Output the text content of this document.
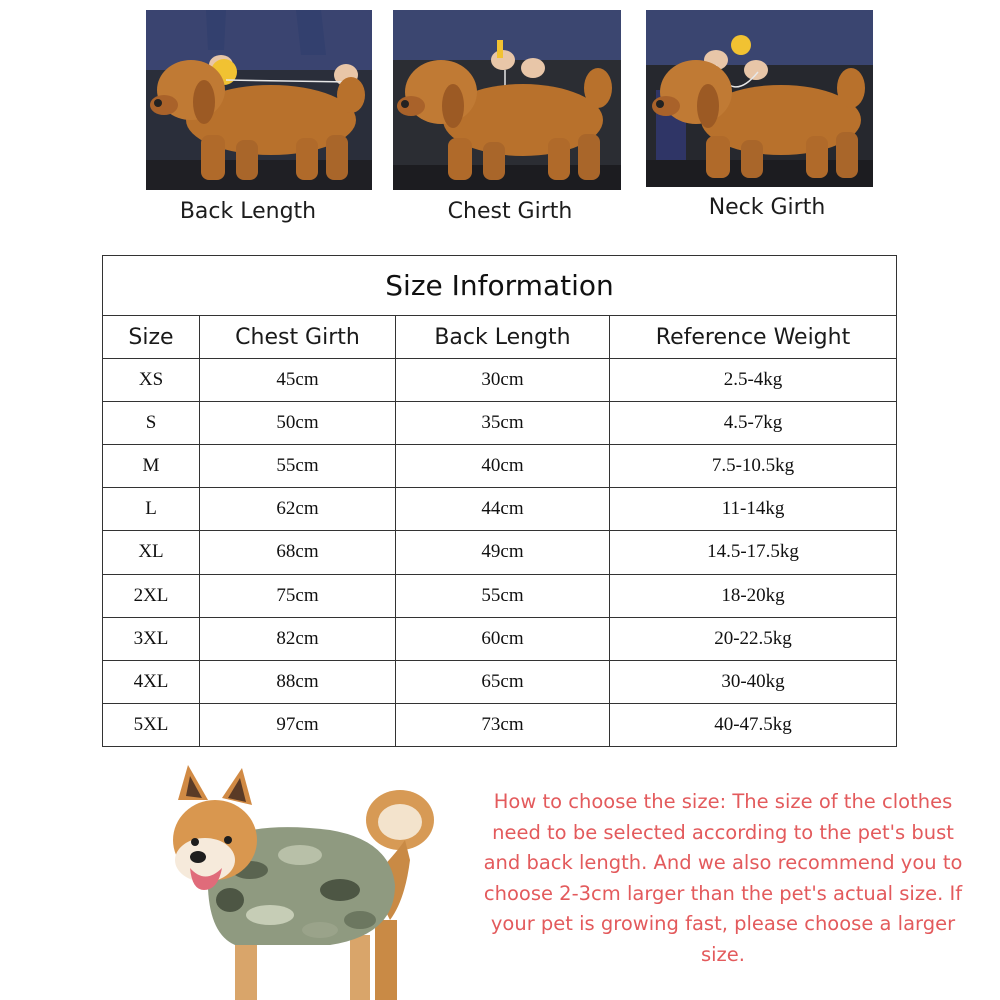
Back Length	Chest Girth	Neck Girth
Size Information			
Size	Chest Girth	Back Length	Reference Weight
XS	45cm	30cm	2.5-4kg
S	50cm	35cm	4.5-7kg
M	55cm	40cm	7.5-10.5kg
L	62cm	44cm	11-14kg
XL	68cm	49cm	14.5-17.5kg
2XL	75cm	55cm	18-20kg
3XL	82cm	60cm	20-22.5kg
4XL	88cm	65cm	30-40kg
5XL	97cm	73cm	40-47.5kg
How to choose the size: The size of the clothes need to be selected according to the pet's bust and back length. And we also recommend you to choose 2-3cm larger than the pet's actual size. If your pet is growing fast, please choose a larger size.
